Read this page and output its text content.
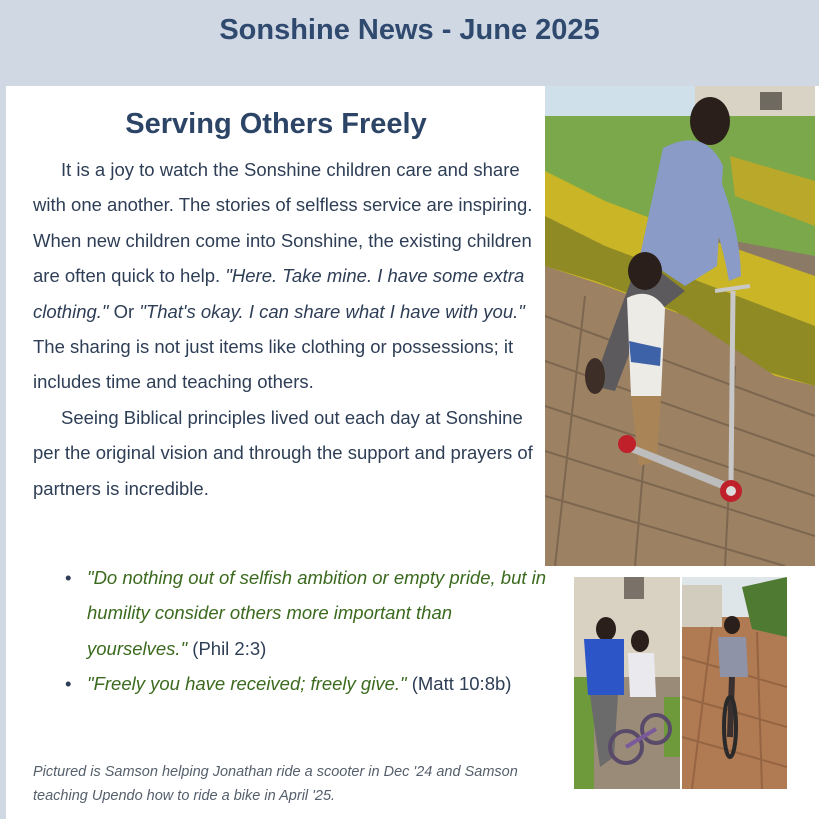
Sonshine News - June 2025
Serving Others Freely

It is a joy to watch the Sonshine children care and share with one another. The stories of selfless service are inspiring. When new children come into Sonshine, the existing children are often quick to help. "Here. Take mine. I have some extra clothing." Or "That's okay. I can share what I have with you." The sharing is not just items like clothing or possessions; it includes time and teaching others.

Seeing Biblical principles lived out each day at Sonshine per the original vision and through the support and prayers of partners is incredible.

• "Do nothing out of selfish ambition or empty pride, but in humility consider others more important than yourselves." (Phil 2:3)
• "Freely you have received; freely give." (Matt 10:8b)
Pictured is Samson helping Jonathan ride a scooter in Dec '24 and Samson teaching Upendo how to ride a bike in April '25.
